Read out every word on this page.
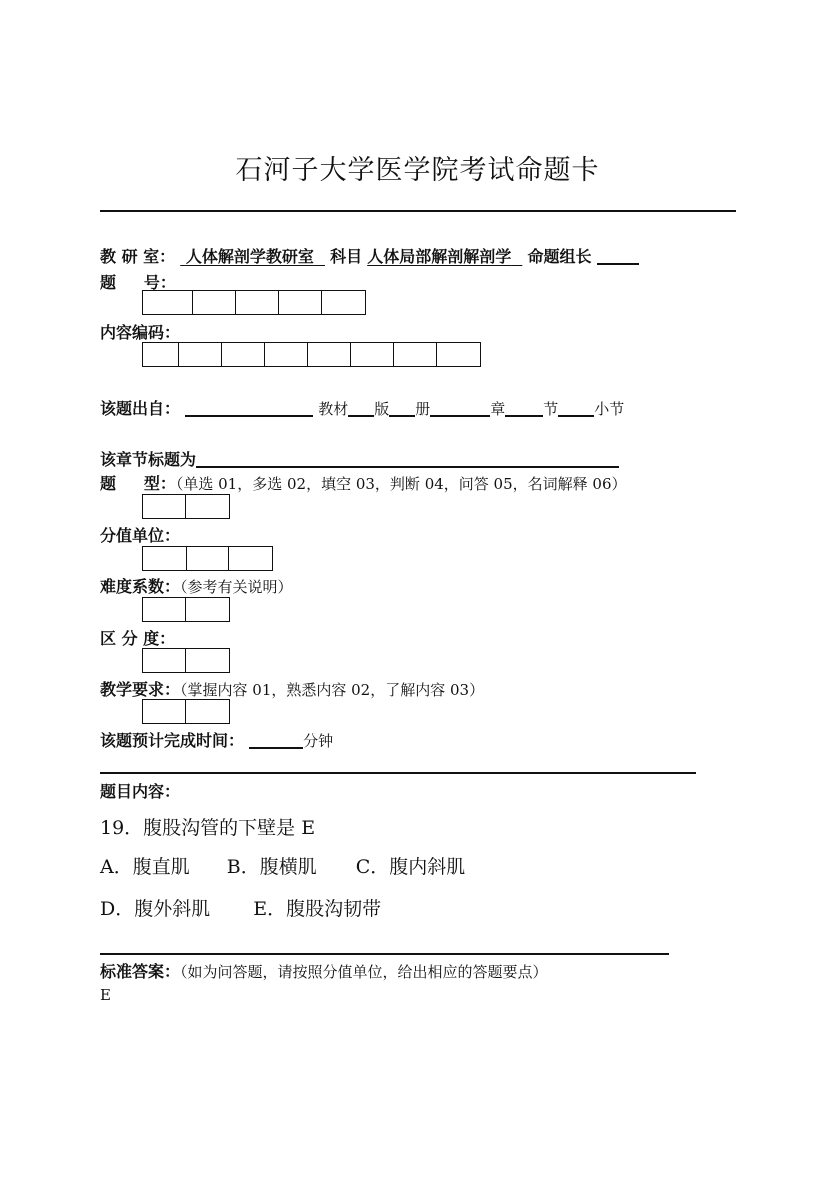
石河子大学医学院考试命题卡
教 研 室： 人体解剖学教研室 科目 人体局部解剖解剖学 命题组长
题     号：
内容编码：
该题出自：	教材 版 册	章	节 小节
该章节标题为
题     型：（单选 01，多选 02，填空 03，判断 04，问答 05，名词解释 06）
分值单位：
难度系数：（参考有关说明）
区 分 度：
教学要求：（掌握内容 01，熟悉内容 02，了解内容 03）
该题预计完成时间：	分钟
题目内容：
19．腹股沟管的下壁是 E
A．腹直肌 B．腹横肌 C．腹内斜肌
D．腹外斜肌 E．腹股沟韧带
标准答案：（如为问答题，请按照分值单位，给出相应的答题要点）
E
